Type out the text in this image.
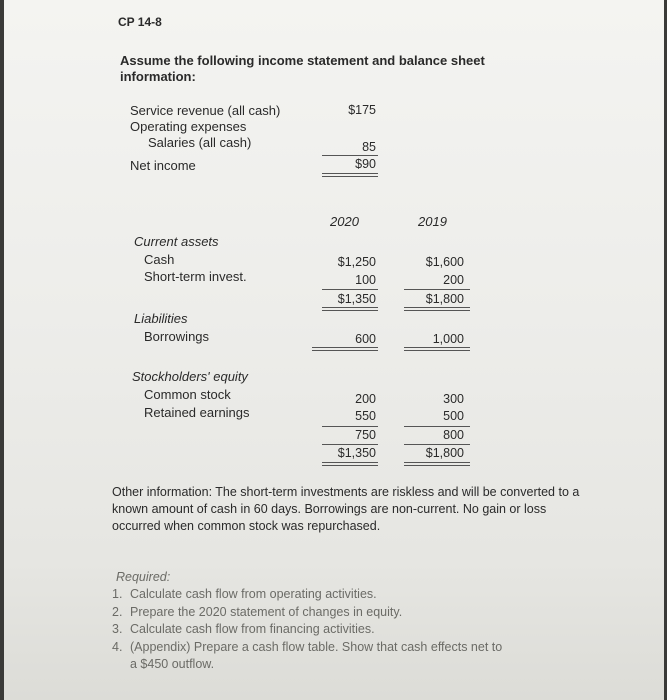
CP 14-8
Assume the following income statement and balance sheet
information:
Service revenue (all cash)	$175
Operating expenses
Salaries (all cash)	85
Net income	$90
2020	2019
Current assets
Cash	$1,250	$1,600
Short-term invest.	100	200
$1,350	$1,800
Liabilities
Borrowings	600	1,000
Stockholders' equity
Common stock	200	300
Retained earnings	550	500
750	800
$1,350	$1,800
Other information: The short-term investments are riskless and will be converted to a known amount of cash in 60 days. Borrowings are non-current. No gain or loss occurred when common stock was repurchased.
Required:
1. Calculate cash flow from operating activities.
2. Prepare the 2020 statement of changes in equity.
3. Calculate cash flow from financing activities.
4. (Appendix) Prepare a cash flow table. Show that cash effects net to
a $450 outflow.
